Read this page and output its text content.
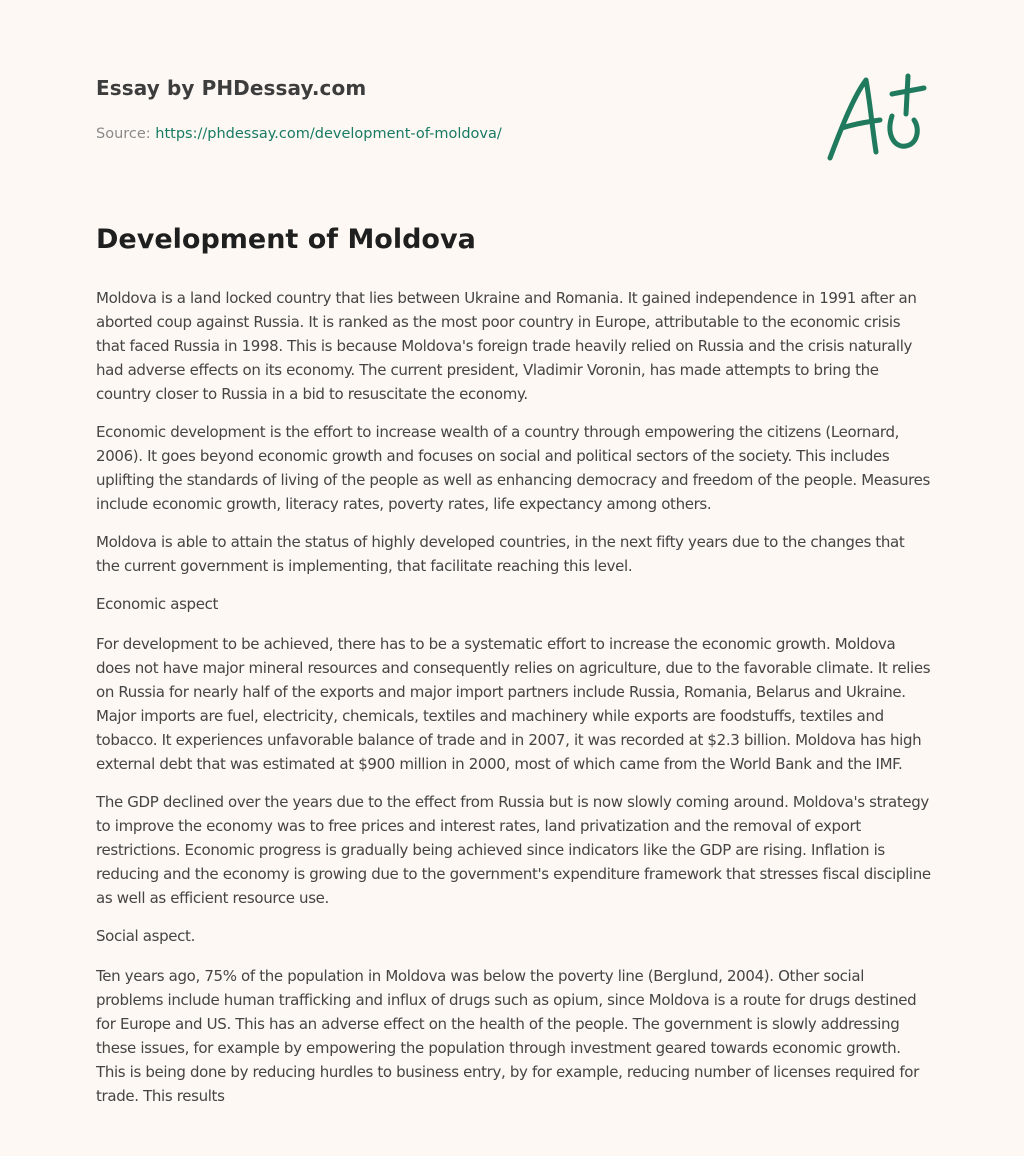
Essay by PHDessay.com
Source: https://phdessay.com/development-of-moldova/
Development of Moldova

Moldova is a land locked country that lies between Ukraine and Romania. It gained independence in 1991 after an aborted coup against Russia. It is ranked as the most poor country in Europe, attributable to the economic crisis that faced Russia in 1998. This is because Moldova's foreign trade heavily relied on Russia and the crisis naturally had adverse effects on its economy. The current president, Vladimir Voronin, has made attempts to bring the country closer to Russia in a bid to resuscitate the economy.

Economic development is the effort to increase wealth of a country through empowering the citizens (Leornard, 2006). It goes beyond economic growth and focuses on social and political sectors of the society. This includes uplifting the standards of living of the people as well as enhancing democracy and freedom of the people. Measures include economic growth, literacy rates, poverty rates, life expectancy among others.

Moldova is able to attain the status of highly developed countries, in the next fifty years due to the changes that the current government is implementing, that facilitate reaching this level.

Economic aspect

For development to be achieved, there has to be a systematic effort to increase the economic growth. Moldova does not have major mineral resources and consequently relies on agriculture, due to the favorable climate. It relies on Russia for nearly half of the exports and major import partners include Russia, Romania, Belarus and Ukraine. Major imports are fuel, electricity, chemicals, textiles and machinery while exports are foodstuffs, textiles and tobacco. It experiences unfavorable balance of trade and in 2007, it was recorded at $2.3 billion. Moldova has high external debt that was estimated at $900 million in 2000, most of which came from the World Bank and the IMF.

The GDP declined over the years due to the effect from Russia but is now slowly coming around. Moldova's strategy to improve the economy was to free prices and interest rates, land privatization and the removal of export restrictions. Economic progress is gradually being achieved since indicators like the GDP are rising. Inflation is reducing and the economy is growing due to the government's expenditure framework that stresses fiscal discipline as well as efficient resource use.

Social aspect.

Ten years ago, 75% of the population in Moldova was below the poverty line (Berglund, 2004). Other social problems include human trafficking and influx of drugs such as opium, since Moldova is a route for drugs destined for Europe and US. This has an adverse effect on the health of the people. The government is slowly addressing these issues, for example by empowering the population through investment geared towards economic growth. This is being done by reducing hurdles to business entry, by for example, reducing number of licenses required for trade. This results
